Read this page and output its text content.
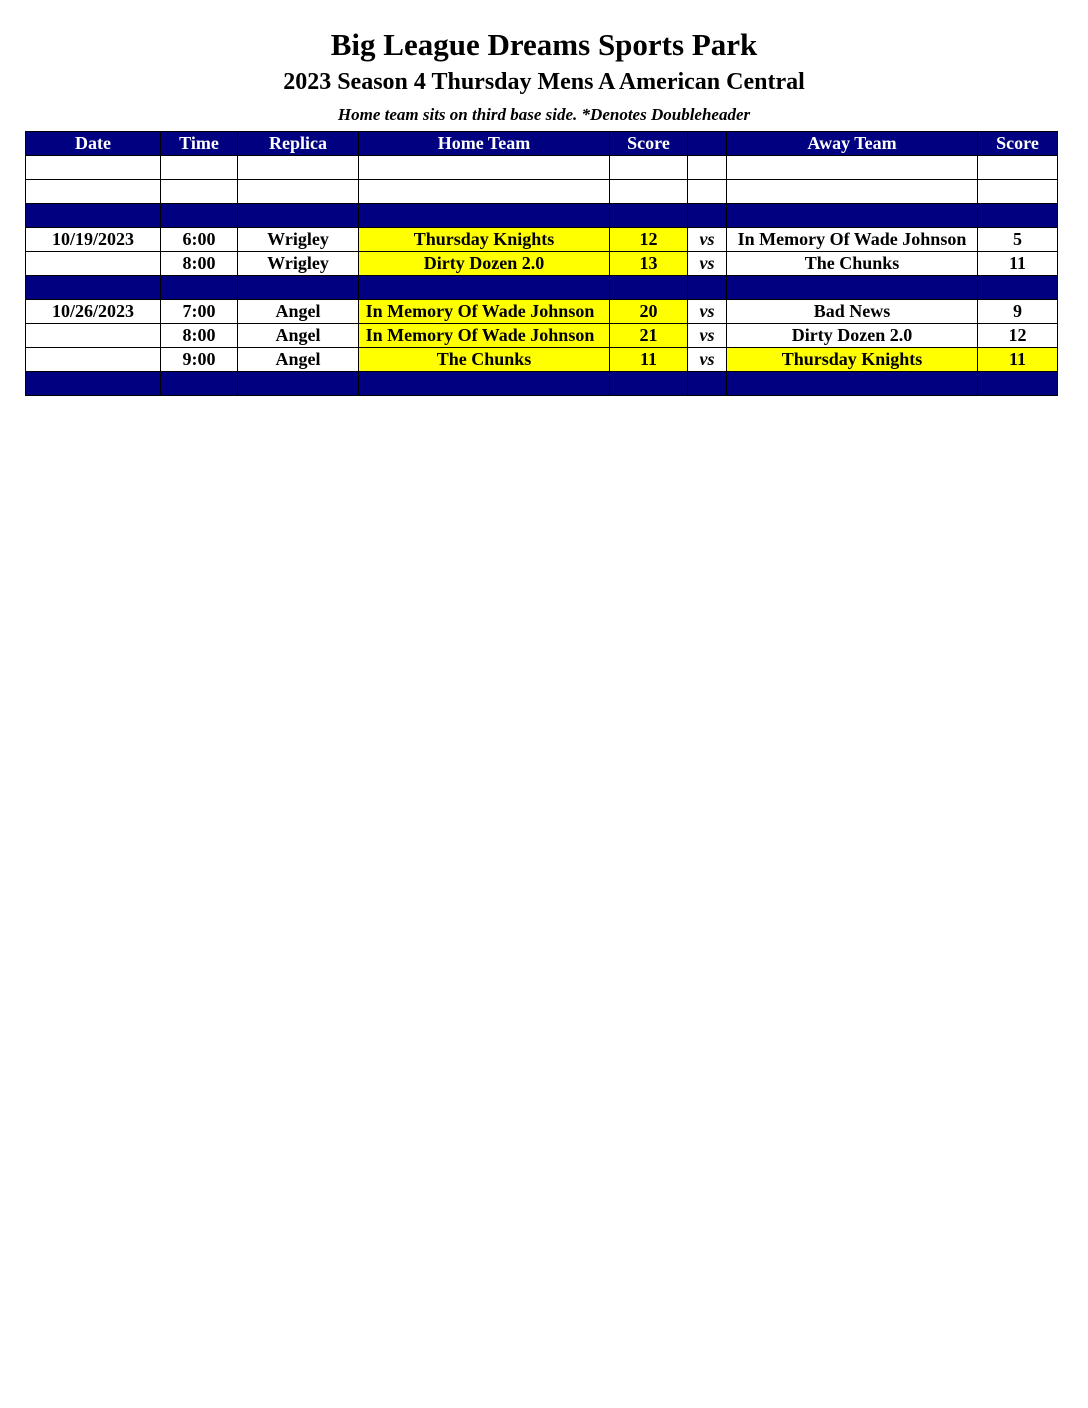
Big League Dreams Sports Park
2023 Season 4 Thursday Mens A American Central
Home team sits on third base side. *Denotes Doubleheader
Date	Time	Replica	Home Team	Score		Away Team	Score

10/19/2023	6:00	Wrigley	Thursday Knights	12	vs	In Memory Of Wade Johnson	5
	8:00	Wrigley	Dirty Dozen 2.0	13	vs	The Chunks	11

10/26/2023	7:00	Angel	In Memory Of Wade Johnson	20	vs	Bad News	9
	8:00	Angel	In Memory Of Wade Johnson	21	vs	Dirty Dozen 2.0	12
	9:00	Angel	The Chunks	11	vs	Thursday Knights	11
